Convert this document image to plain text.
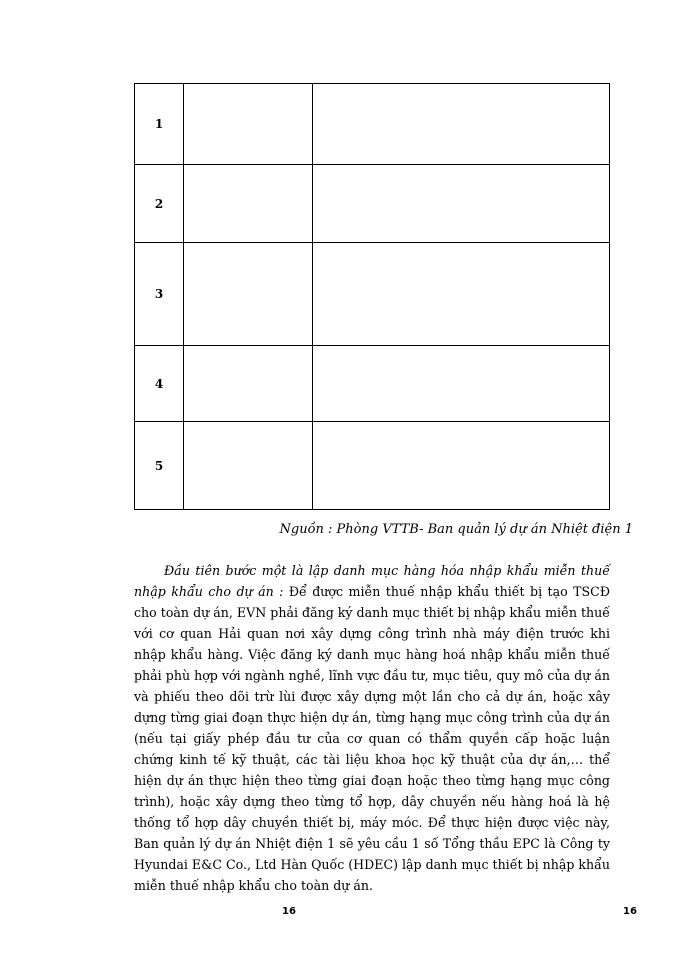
1		
2		
3		
4		
5		
Nguồn : Phòng VTTB- Ban quản lý dự án Nhiệt điện 1

Đầu tiên bước một là lập danh mục hàng hóa nhập khẩu miễn thuế nhập khẩu cho dự án : Để được miễn thuế nhập khẩu thiết bị tạo TSCĐ cho toàn dự án, EVN phải đăng ký danh mục thiết bị nhập khẩu miễn thuế với cơ quan Hải quan nơi xây dựng công trình nhà máy điện trước khi nhập khẩu hàng. Việc đăng ký danh mục hàng hoá nhập khẩu miễn thuế phải phù hợp với ngành nghề, lĩnh vực đầu tư, mục tiêu, quy mô của dự án và phiếu theo dõi trừ lùi được xây dựng một lần cho cả dự án, hoặc xây dựng từng giai đoạn thực hiện dự án, từng hạng mục công trình của dự án (nếu tại giấy phép đầu tư của cơ quan có thẩm quyền cấp hoặc luận chứng kinh tế kỹ thuật, các tài liệu khoa học kỹ thuật của dự án,… thể hiện dự án thực hiện theo từng giai đoạn hoặc theo từng hạng mục công trình), hoặc xây dựng theo từng tổ hợp, dây chuyền nếu hàng hoá là hệ thống tổ hợp dây chuyền thiết bị, máy móc. Để thực hiện được việc này, Ban quản lý dự án Nhiệt điện 1 sẽ yêu cầu 1 số Tổng thầu EPC là Công ty Hyundai E&C Co., Ltd Hàn Quốc (HDEC) lập danh mục thiết bị nhập khẩu miễn thuế nhập khẩu cho toàn dự án.

16	16
